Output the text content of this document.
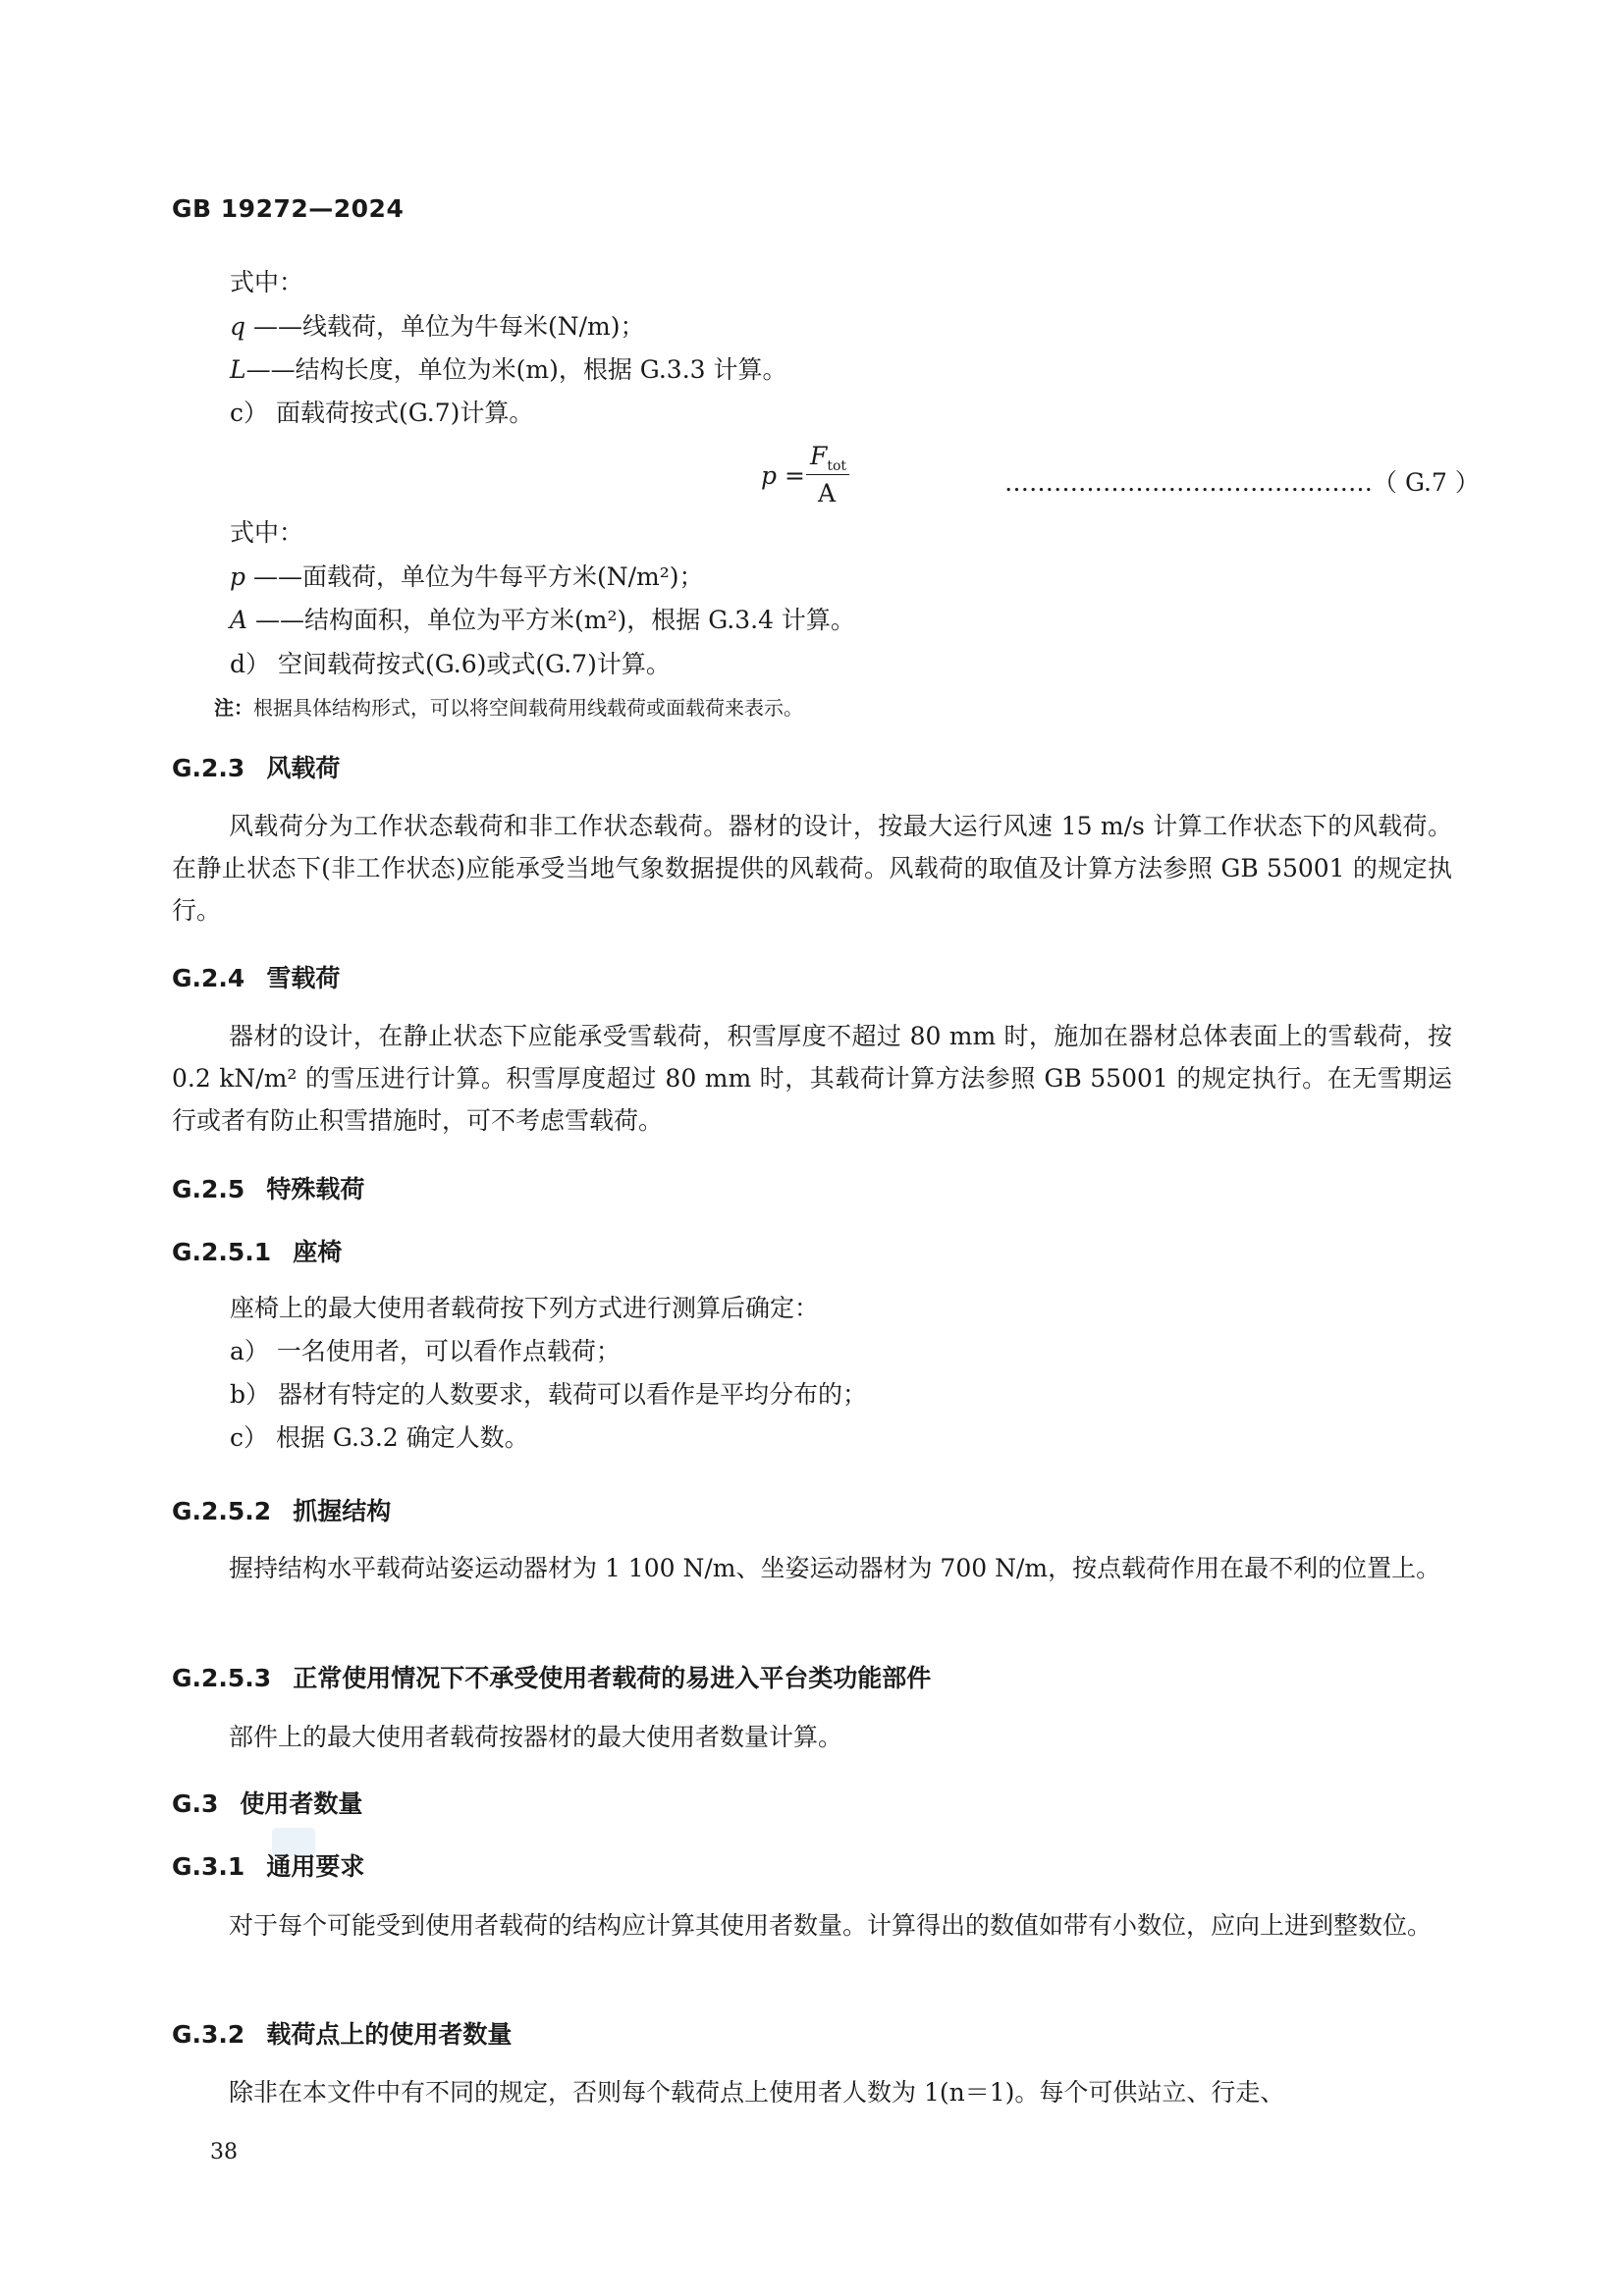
GB 19272—2024
式中：
q ——线载荷，单位为牛每米(N/m)；
L——结构长度，单位为米(m)，根据 G.3.3 计算。
c） 面载荷按式(G.7)计算。
p =
$F_{tot}$
A	………………………………………（ G.7 ）
式中：
p ——面载荷，单位为牛每平方米(N/m²)；
A ——结构面积，单位为平方米(m²)，根据 G.3.4 计算。
d） 空间载荷按式(G.6)或式(G.7)计算。
注：根据具体结构形式，可以将空间载荷用线载荷或面载荷来表示。
G.2.3 风载荷
风载荷分为工作状态载荷和非工作状态载荷。器材的设计，按最大运行风速 15 m/s 计算工作状态下的风载荷。在静止状态下(非工作状态)应能承受当地气象数据提供的风载荷。风载荷的取值及计算方法参照 GB 55001 的规定执行。
G.2.4 雪载荷
器材的设计，在静止状态下应能承受雪载荷，积雪厚度不超过 80 mm 时，施加在器材总体表面上的雪载荷，按 0.2 kN/m² 的雪压进行计算。积雪厚度超过 80 mm 时，其载荷计算方法参照 GB 55001 的规定执行。在无雪期运行或者有防止积雪措施时，可不考虑雪载荷。
G.2.5 特殊载荷
G.2.5.1 座椅
座椅上的最大使用者载荷按下列方式进行测算后确定：
a） 一名使用者，可以看作点载荷；
b） 器材有特定的人数要求，载荷可以看作是平均分布的；
c） 根据 G.3.2 确定人数。
G.2.5.2 抓握结构
握持结构水平载荷站姿运动器材为 1 100 N/m、坐姿运动器材为 700 N/m，按点载荷作用在最不利的位置上。
G.2.5.3 正常使用情况下不承受使用者载荷的易进入平台类功能部件
部件上的最大使用者载荷按器材的最大使用者数量计算。
G.3 使用者数量
G.3.1 通用要求
对于每个可能受到使用者载荷的结构应计算其使用者数量。计算得出的数值如带有小数位，应向上进到整数位。
G.3.2 载荷点上的使用者数量
除非在本文件中有不同的规定，否则每个载荷点上使用者人数为 1(n＝1)。每个可供站立、行走、
38
